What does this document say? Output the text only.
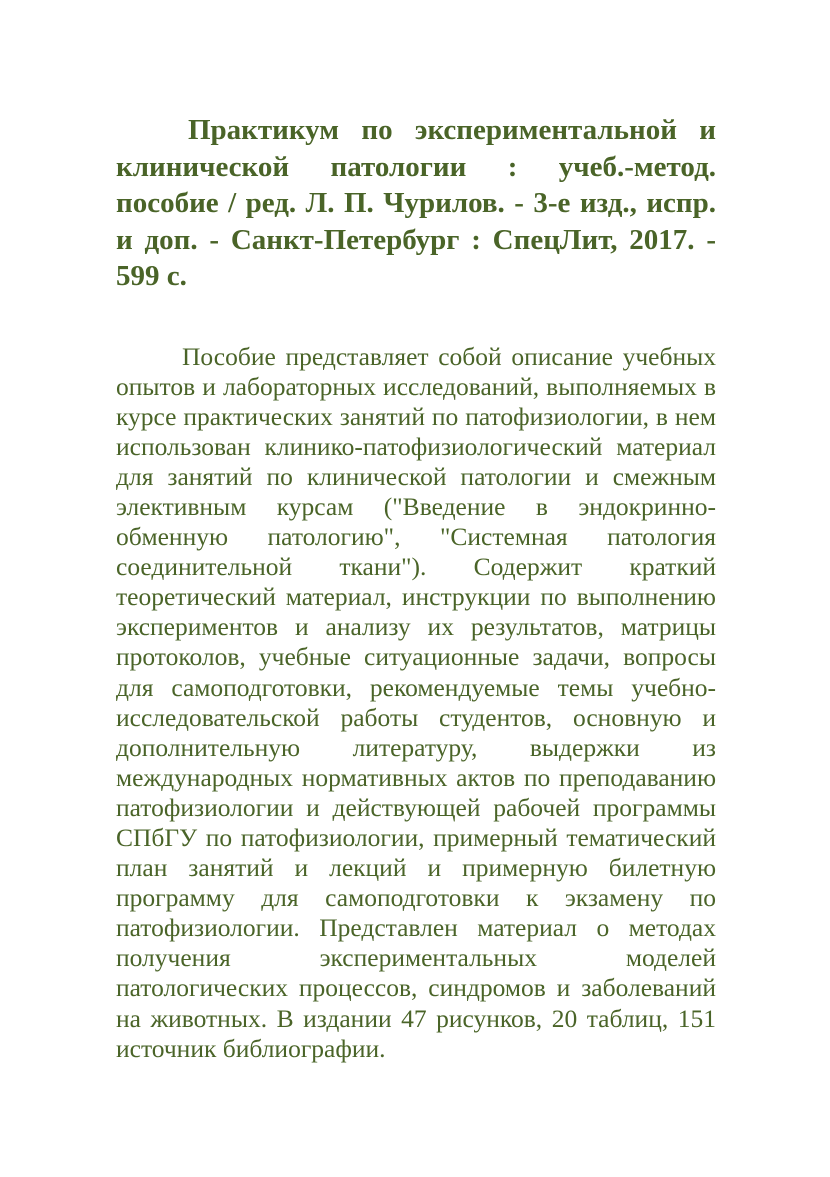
Практикум по экспериментальной и клинической патологии : учеб.-метод. пособие / ред. Л. П. Чурилов. - 3-е изд., испр. и доп. - Санкт-Петербург : СпецЛит, 2017. - 599 с.

Пособие представляет собой описание учебных опытов и лабораторных исследований, выполняемых в курсе практических занятий по патофизиологии, в нем использован клинико-патофизиологический материал для занятий по клинической патологии и смежным элективным курсам ("Введение в эндокриннообменную патологию", "Системная патология соединительной ткани"). Содержит краткий теоретический материал, инструкции по выполнению экспериментов и анализу их результатов, матрицы протоколов, учебные ситуационные задачи, вопросы для самоподготовки, рекомендуемые темы учебно-исследовательской работы студентов, основную и дополнительную литературу, выдержки из международных нормативных актов по преподаванию патофизиологии и действующей рабочей программы СПбГУ по патофизиологии, примерный тематический план занятий и лекций и примерную билетную программу для самоподготовки к экзамену по патофизиологии. Представлен материал о методах получения экспериментальных моделей патологических процессов, синдромов и заболеваний на животных. В издании 47 рисунков, 20 таблиц, 151 источник библиографии.
